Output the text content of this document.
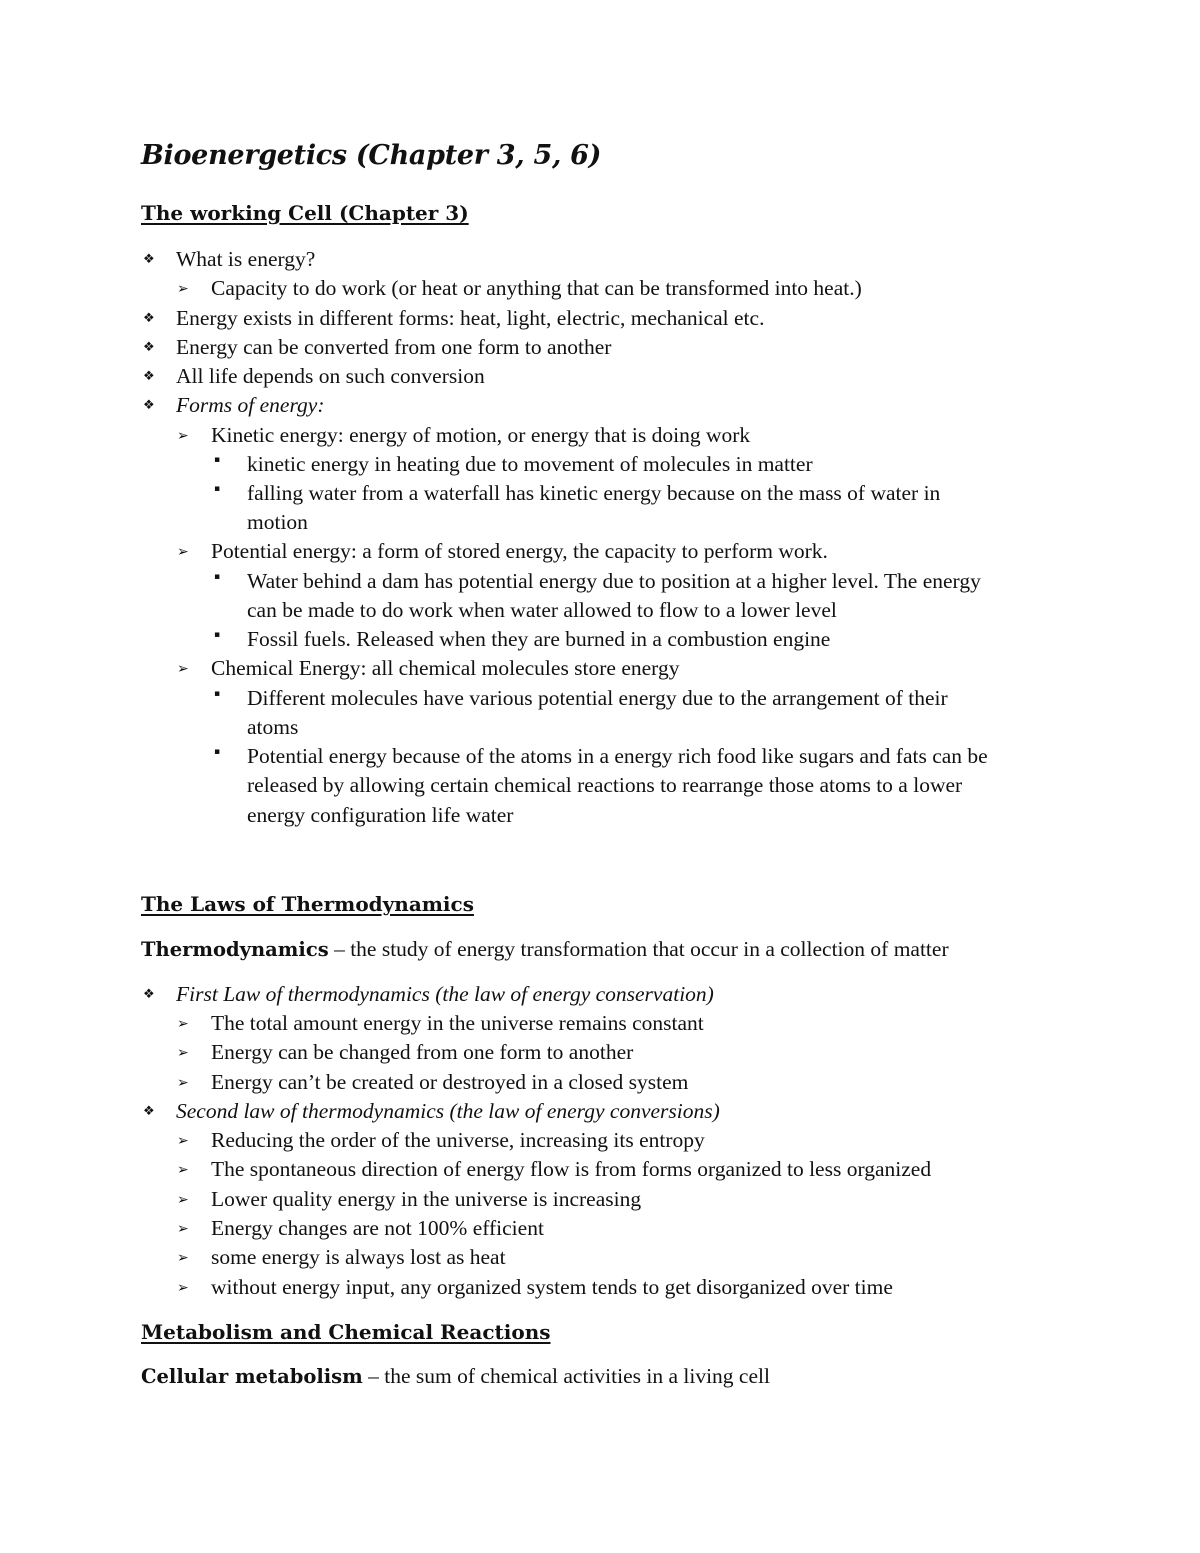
Bioenergetics (Chapter 3, 5, 6)
The working Cell (Chapter 3)
❖ What is energy?
➢ Capacity to do work (or heat or anything that can be transformed into heat.)
❖ Energy exists in different forms: heat, light, electric, mechanical etc.
❖ Energy can be converted from one form to another
❖ All life depends on such conversion
❖ Forms of energy:
➢ Kinetic energy: energy of motion, or energy that is doing work
▪ kinetic energy in heating due to movement of molecules in matter
▪ falling water from a waterfall has kinetic energy because on the mass of water in
motion
➢ Potential energy: a form of stored energy, the capacity to perform work.
▪ Water behind a dam has potential energy due to position at a higher level. The energy
can be made to do work when water allowed to flow to a lower level
▪ Fossil fuels. Released when they are burned in a combustion engine
➢ Chemical Energy: all chemical molecules store energy
▪ Different molecules have various potential energy due to the arrangement of their
atoms
▪ Potential energy because of the atoms in a energy rich food like sugars and fats can be
released by allowing certain chemical reactions to rearrange those atoms to a lower
energy configuration life water
The Laws of Thermodynamics
Thermodynamics – the study of energy transformation that occur in a collection of matter
❖ First Law of thermodynamics (the law of energy conservation)
➢ The total amount energy in the universe remains constant
➢ Energy can be changed from one form to another
➢ Energy can’t be created or destroyed in a closed system
❖ Second law of thermodynamics (the law of energy conversions)
➢ Reducing the order of the universe, increasing its entropy
➢ The spontaneous direction of energy flow is from forms organized to less organized
➢ Lower quality energy in the universe is increasing
➢ Energy changes are not 100% efficient
➢ some energy is always lost as heat
➢ without energy input, any organized system tends to get disorganized over time
Metabolism and Chemical Reactions
Cellular metabolism – the sum of chemical activities in a living cell
